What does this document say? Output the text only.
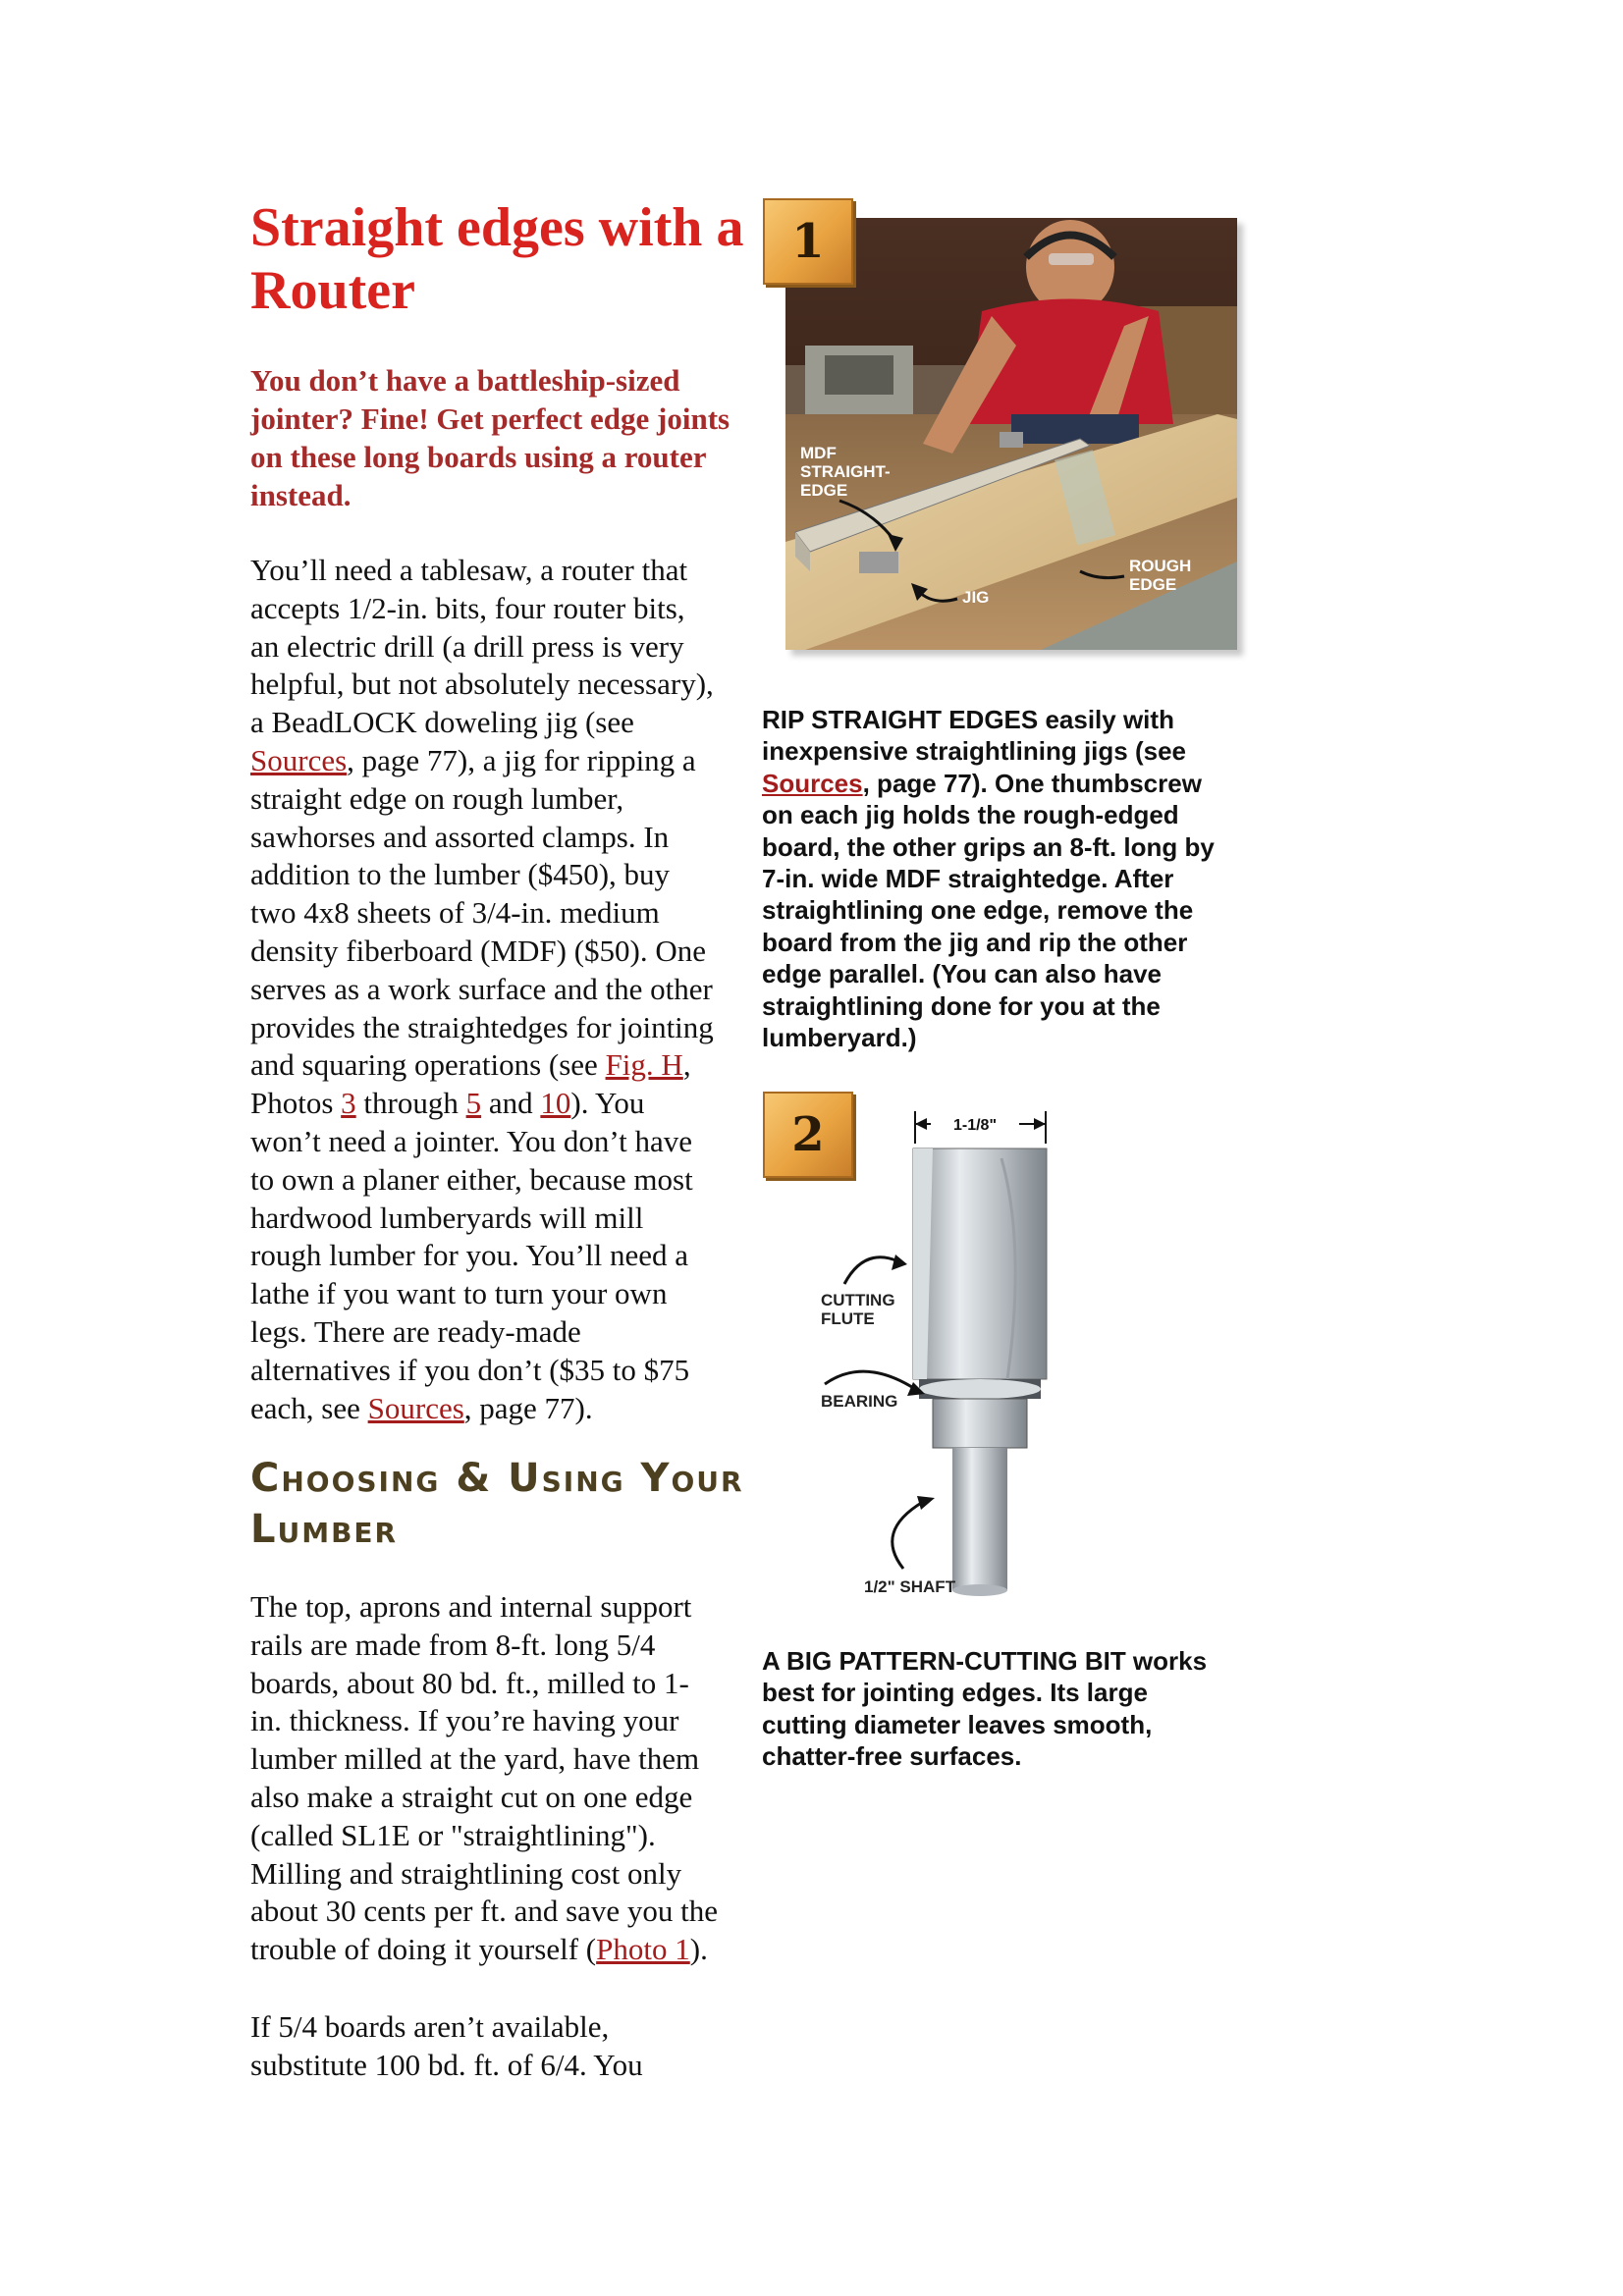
Straight edges with a Router

You don’t have a battleship-sized jointer? Fine! Get perfect edge joints on these long boards using a router instead.

You’ll need a tablesaw, a router that
accepts 1/2-in. bits, four router bits,
an electric drill (a drill press is very
helpful, but not absolutely necessary),
a BeadLOCK doweling jig (see
Sources, page 77), a jig for ripping a
straight edge on rough lumber,
sawhorses and assorted clamps. In
addition to the lumber ($450), buy
two 4x8 sheets of 3/4-in. medium
density fiberboard (MDF) ($50). One
serves as a work surface and the other
provides the straightedges for jointing
and squaring operations (see Fig. H,
Photos 3 through 5 and 10). You
won’t need a jointer. You don’t have
to own a planer either, because most
hardwood lumberyards will mill
rough lumber for you. You’ll need a
lathe if you want to turn your own
legs. There are ready-made
alternatives if you don’t ($35 to $75
each, see Sources, page 77).

Choosing & Using Your Lumber

The top, aprons and internal support
rails are made from 8-ft. long 5/4
boards, about 80 bd. ft., milled to 1-
in. thickness. If you’re having your
lumber milled at the yard, have them
also make a straight cut on one edge
(called SL1E or "straightlining").
Milling and straightlining cost only
about 30 cents per ft. and save you the
trouble of doing it yourself (Photo 1).

If 5/4 boards aren’t available,
substitute 100 bd. ft. of 6/4. You

MDF
STRAIGHT-
EDGE
JIG
ROUGH
EDGE
1

RIP STRAIGHT EDGES easily with
inexpensive straightlining jigs (see
Sources, page 77). One thumbscrew
on each jig holds the rough-edged
board, the other grips an 8-ft. long by
7-in. wide MDF straightedge. After
straightlining one edge, remove the
board from the jig and rip the other
edge parallel. (You can also have
straightlining done for you at the
lumberyard.)

1-1/8"
CUTTING
FLUTE
BEARING
1/2" SHAFT
2

A BIG PATTERN-CUTTING BIT works
best for jointing edges. Its large
cutting diameter leaves smooth,
chatter-free surfaces.
